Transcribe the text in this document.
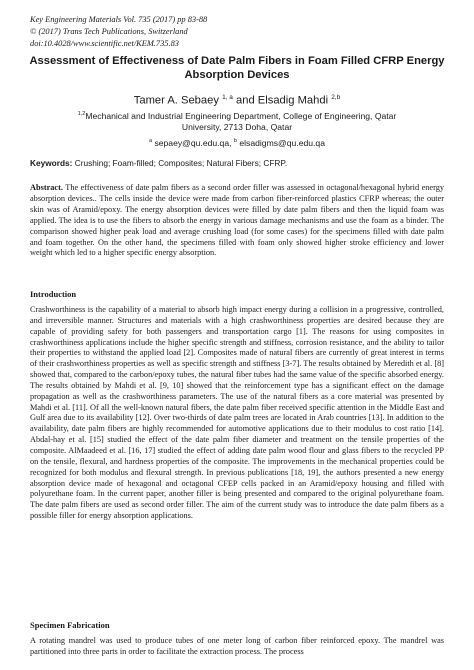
Key Engineering Materials Vol. 735 (2017) pp 83-88
© (2017) Trans Tech Publications, Switzerland
doi:10.4028/www.scientific.net/KEM.735.83
Assessment of Effectiveness of Date Palm Fibers in Foam Filled CFRP Energy Absorption Devices
Tamer A. Sebaey $^{1, a}$ and Elsadig Mahdi $^{2,b}$
$^{1,2}$Mechanical and Industrial Engineering Department, College of Engineering, Qatar University, 2713 Doha, Qatar
$^a$ sepaey@qu.edu.qa, $^b$ elsadigms@qu.edu.qa
Keywords: Crushing; Foam-filled; Composites; Natural Fibers; CFRP.
Abstract. The effectiveness of date palm fibers as a second order filler was assessed in octagonal/hexagonal hybrid energy absorption devices.. The cells inside the device were made from carbon fiber-reinforced plastics CFRP whereas; the outer skin was of Aramid/epoxy. The energy absorption devices were filled by date palm fibers and then the liquid foam was applied. The idea is to use the fibers to absorb the energy in various damage mechanisms and use the foam as a binder. The comparison showed higher peak load and average crushing load (for some cases) for the specimens filled with date palm and foam together. On the other hand, the specimens filled with foam only showed higher stroke efficiency and lower weight which led to a higher specific energy absorption.
Introduction
Crashworthiness is the capability of a material to absorb high impact energy during a collision in a progressive, controlled, and irreversible manner. Structures and materials with a high crashworthiness properties are desired because they are capable of providing safety for both passengers and transportation cargo [1]. The reasons for using composites in crashworthiness applications include the higher specific strength and stiffness, corrosion resistance, and the ability to tailor their properties to withstand the applied load [2]. Composites made of natural fibers are currently of great interest in terms of their crashworthiness properties as well as specific strength and stiffness [3-7]. The results obtained by Meredith et al. [8] showed that, compared to the carbon/epoxy tubes, the natural fiber tubes had the same value of the specific absorbed energy. The results obtained by Mahdi et al. [9, 10] showed that the reinforcement type has a significant effect on the damage propagation as well as the crashworthiness parameters. The use of the natural fibers as a core material was presented by Mahdi et al. [11]. Of all the well-known natural fibers, the date palm fiber received specific attention in the Middle East and Gulf area due to its availability [12]. Over two-thirds of date palm trees are located in Arab countries [13]. In addition to the availability, date palm fibers are highly recommended for automotive applications due to their modulus to cost ratio [14]. Abdal-hay et al. [15] studied the effect of the date palm fiber diameter and treatment on the tensile properties of the composite. AlMaadeed et al. [16, 17] studied the effect of adding date palm wood flour and glass fibers to the recycled PP on the tensile, flexural, and hardness properties of the composite. The improvements in the mechanical properties could be recognized for both modulus and flexural strength. In previous publications [18, 19], the authors presented a new energy absorption device made of hexagonal and octagonal CFEP cells packed in an Aramid/epoxy housing and filled with polyurethane foam. In the current paper, another filler is being presented and compared to the original polyurethane foam. The date palm fibers are used as second order filler. The aim of the current study was to introduce the date palm fibers as a possible filler for energy absorption applications.
Specimen Fabrication
A rotating mandrel was used to produce tubes of one meter long of carbon fiber reinforced epoxy. The mandrel was partitioned into three parts in order to facilitate the extraction process. The process
